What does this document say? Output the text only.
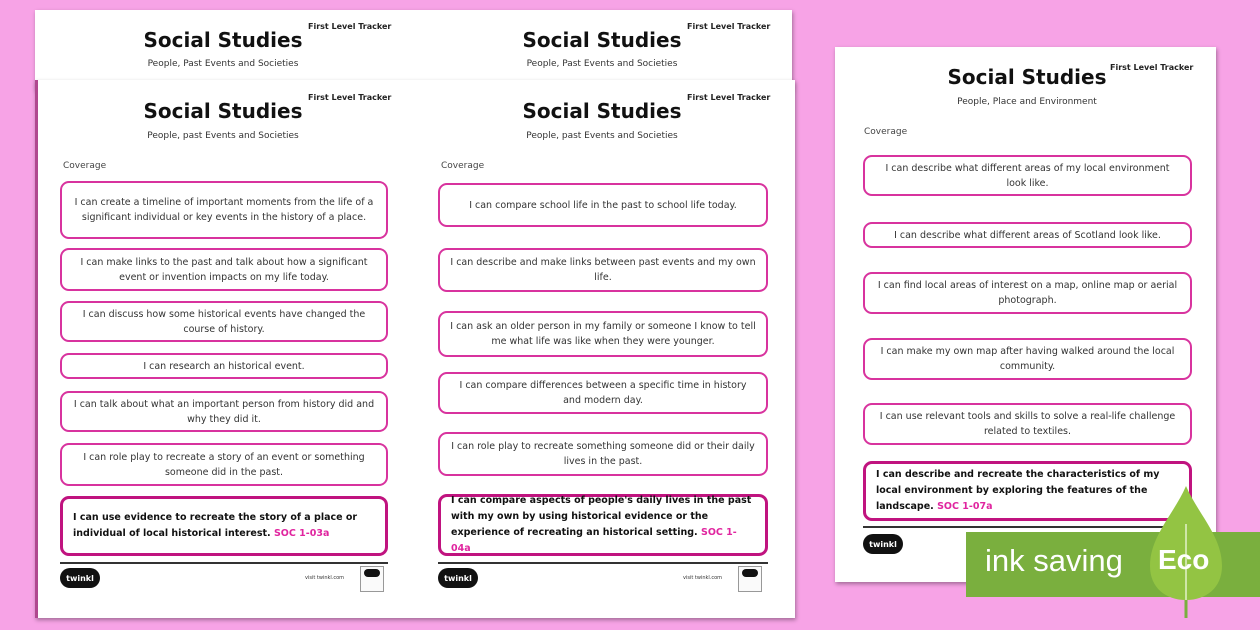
Social Studies
First Level Tracker
People, Past Events and Societies
Social Studies
First Level Tracker
People, Past Events and Societies
Social Studies
First Level Tracker
People, past Events and Societies
Coverage
I can create a timeline of important moments from the life of a significant individual or key events in the history of a place.
I can make links to the past and talk about how a significant event or invention impacts on my life today.
I can discuss how some historical events have changed the course of history.
I can research an historical event.
I can talk about what an important person from history did and why they did it.
I can role play to recreate a story of an event or something someone did in the past.
I can use evidence to recreate the story of a place or individual of local historical interest. SOC 1-03a
twinkl	visit twinkl.com
Social Studies
First Level Tracker
People, past Events and Societies
Coverage
I can compare school life in the past to school life today.
I can describe and make links between past events and my own life.
I can ask an older person in my family or someone I know to tell me what life was like when they were younger.
I can compare differences between a specific time in history and modern day.
I can role play to recreate something someone did or their daily lives in the past.
I can compare aspects of people's daily lives in the past with my own by using historical evidence or the experience of recreating an historical setting. SOC 1-04a
twinkl	visit twinkl.com
Social Studies First Level Tracker
People, Place and Environment
Coverage
I can describe what different areas of my local environment look like.
I can describe what different areas of Scotland look like.
I can find local areas of interest on a map, online map or aerial photograph.
I can make my own map after having walked around the local community.
I can use relevant tools and skills to solve a real-life challenge related to textiles.
I can describe and recreate the characteristics of my local environment by exploring the features of the landscape. SOC 1-07a
twinkl	ink saving Eco
